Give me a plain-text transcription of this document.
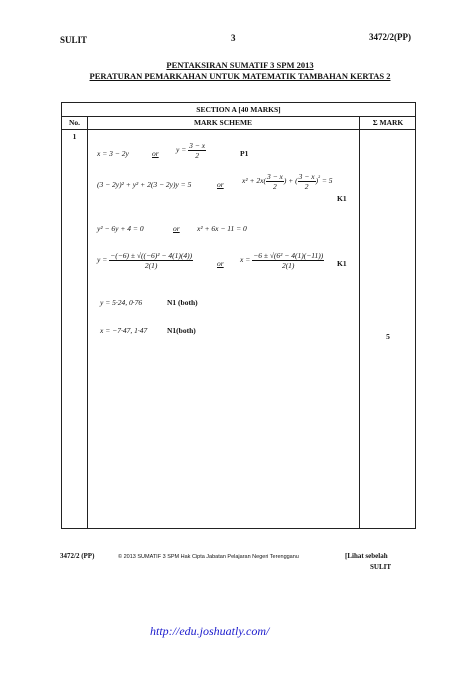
SULIT	3	3472/2(PP)
PENTAKSIRAN SUMATIF 3 SPM 2013
PERATURAN PEMARKAHAN UNTUK MATEMATIK TAMBAHAN KERTAS 2
SECTION A [40 MARKS]
No.	MARK SCHEME	Σ MARK
1
x = 3 − 2y	or $y = \frac{3 - x}{2}$	P1
(3 − 2y)² + y² + 2(3 − 2y)y = 5	or $x^2 + 2x( \frac{3 - x}{2}$ ) + ( $\frac{3 - x}{2} )^{^2} = 5$
K1
y² − 6y + 4 = 0	or x² + 6x − 11 = 0
$y = \frac{\text{−(−6) ± √((−6)² − 4(1)(4))}}{2(1)}$	or $x = \frac{\text{−6 ± √(6² − 4(1)(−11))}}{2(1)} K1$
y = 5·24, 0·76	N1 (both)
x = −7·47, 1·47	N1(both)
5
3472/2 (PP)	© 2013 SUMATIF 3 SPM Hak Cipta Jabatan Pelajaran Negeri Terengganu	[Lihat sebelah
SULIT
http://edu.joshuatly.com/
